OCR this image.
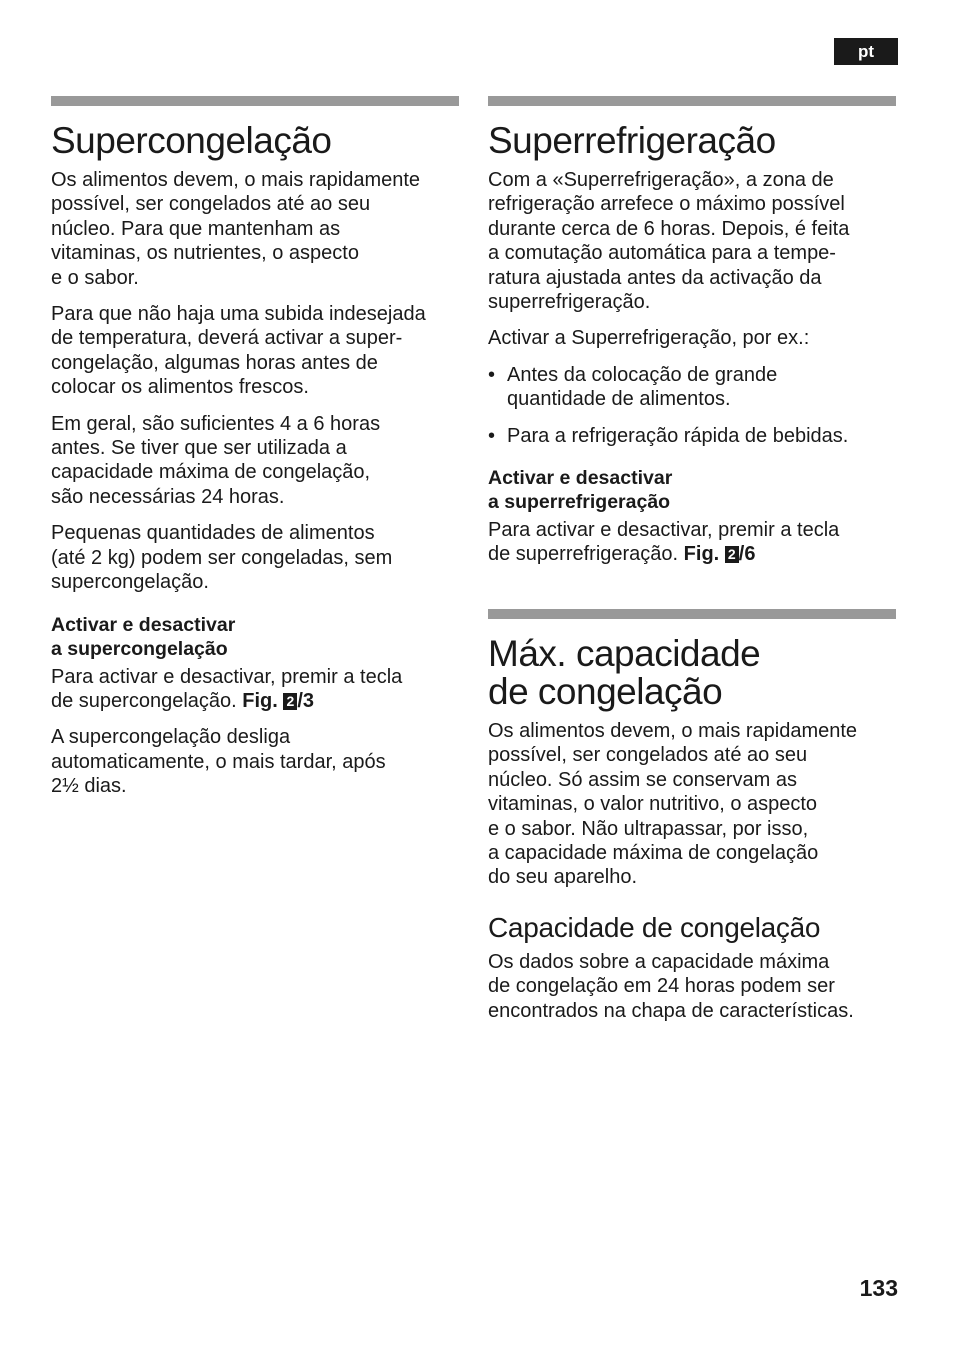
pt
Supercongelação

Os alimentos devem, o mais rapidamente
possível, ser congelados até ao seu
núcleo. Para que mantenham as
vitaminas, os nutrientes, o aspecto
e o sabor.

Para que não haja uma subida indesejada
de temperatura, deverá activar a super-
congelação, algumas horas antes de
colocar os alimentos frescos.

Em geral, são suficientes 4 a 6 horas
antes. Se tiver que ser utilizada a
capacidade máxima de congelação,
são necessárias 24 horas.

Pequenas quantidades de alimentos
(até 2 kg) podem ser congeladas, sem
supercongelação.

Activar e desactivar
a supercongelação

Para activar e desactivar, premir a tecla
de supercongelação. Fig. 2 /3

A supercongelação desliga
automaticamente, o mais tardar, após
2½ dias.

Superrefrigeração

Com a «Superrefrigeração», a zona de
refrigeração arrefece o máximo possível
durante cerca de 6 horas. Depois, é feita
a comutação automática para a tempe-
ratura ajustada antes da activação da
superrefrigeração.

Activar a Superrefrigeração, por ex.:

• Antes da colocação de grande
quantidade de alimentos.
• Para a refrigeração rápida de bebidas.
Activar e desactivar
a superrefrigeração

Para activar e desactivar, premir a tecla
de superrefrigeração. Fig. 2 /6

Máx. capacidade
de congelação

Os alimentos devem, o mais rapidamente
possível, ser congelados até ao seu
núcleo. Só assim se conservam as
vitaminas, o valor nutritivo, o aspecto
e o sabor. Não ultrapassar, por isso,
a capacidade máxima de congelação
do seu aparelho.

Capacidade de congelação

Os dados sobre a capacidade máxima
de congelação em 24 horas podem ser
encontrados na chapa de características.

133
